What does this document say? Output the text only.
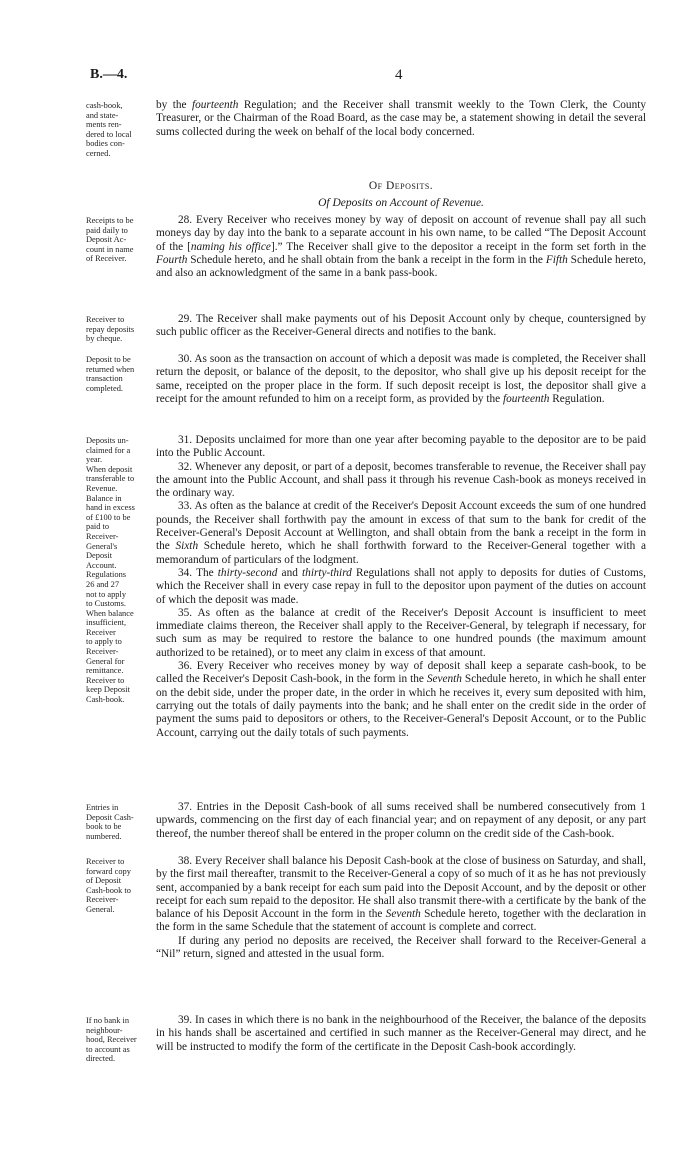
B.—4.	4
cash-book,
and state-
ments ren-
dered to local
bodies con-
cerned.

by the fourteenth Regulation; and the Receiver shall transmit weekly to the Town Clerk, the County Treasurer, or the Chairman of the Road Board, as the case may be, a statement showing in detail the several sums collected during the week on behalf of the local body concerned.

Of Deposits.
Of Deposits on Account of Revenue.
Receipts to be
paid daily to
Deposit Ac-
count in name
of Receiver.

28. Every Receiver who receives money by way of deposit on account of revenue shall pay all such moneys day by day into the bank to a separate account in his own name, to be called “The Deposit Account of the [naming his office].” The Receiver shall give to the depositor a receipt in the form set forth in the Fourth Schedule hereto, and he shall obtain from the bank a receipt in the form in the Fifth Schedule hereto, and also an acknowledgment of the same in a bank pass-book.

Receiver to
repay deposits
by cheque.

29. The Receiver shall make payments out of his Deposit Account only by cheque, countersigned by such public officer as the Receiver-General directs and notifies to the bank.

Deposit to be
returned when
transaction
completed.

30. As soon as the transaction on account of which a deposit was made is completed, the Receiver shall return the deposit, or balance of the deposit, to the depositor, who shall give up his deposit receipt for the same, receipted on the proper place in the form. If such deposit receipt is lost, the depositor shall give a receipt for the amount refunded to him on a receipt form, as provided by the fourteenth Regulation.

Deposits un-
claimed for a
year.
When deposit
transferable to
Revenue.
Balance in
hand in excess
of £100 to be
paid to
Receiver-
General's
Deposit
Account.
Regulations
26 and 27
not to apply
to Customs.
When balance
insufficient,
Receiver
to apply to
Receiver-
General for
remittance.
Receiver to
keep Deposit
Cash-book.

31. Deposits unclaimed for more than one year after becoming payable to the depositor are to be paid into the Public Account.

32. Whenever any deposit, or part of a deposit, becomes transferable to revenue, the Receiver shall pay the amount into the Public Account, and shall pass it through his revenue Cash-book as moneys received in the ordinary way.

33. As often as the balance at credit of the Receiver's Deposit Account exceeds the sum of one hundred pounds, the Receiver shall forthwith pay the amount in excess of that sum to the bank for credit of the Receiver-General's Deposit Account at Wellington, and shall obtain from the bank a receipt in the form in the Sixth Schedule hereto, which he shall forthwith forward to the Receiver-General together with a memorandum of particulars of the lodgment.

34. The thirty-second and thirty-third Regulations shall not apply to deposits for duties of Customs, which the Receiver shall in every case repay in full to the depositor upon payment of the duties on account of which the deposit was made.

35. As often as the balance at credit of the Receiver's Deposit Account is insufficient to meet immediate claims thereon, the Receiver shall apply to the Receiver-General, by telegraph if necessary, for such sum as may be required to restore the balance to one hundred pounds (the maximum amount authorized to be retained), or to meet any claim in excess of that amount.

36. Every Receiver who receives money by way of deposit shall keep a separate cash-book, to be called the Receiver's Deposit Cash-book, in the form in the Seventh Schedule hereto, in which he shall enter on the debit side, under the proper date, in the order in which he receives it, every sum deposited with him, carrying out the totals of daily payments into the bank; and he shall enter on the credit side in the order of payment the sums paid to depositors or others, to the Receiver-General's Deposit Account, or to the Public Account, carrying out the daily totals of such payments.

Entries in
Deposit Cash-
book to be
numbered.

37. Entries in the Deposit Cash-book of all sums received shall be numbered consecutively from 1 upwards, commencing on the first day of each financial year; and on repayment of any deposit, or any part thereof, the number thereof shall be entered in the proper column on the credit side of the Cash-book.

Receiver to
forward copy
of Deposit
Cash-book to
Receiver-
General.

38. Every Receiver shall balance his Deposit Cash-book at the close of business on Saturday, and shall, by the first mail thereafter, transmit to the Receiver-General a copy of so much of it as he has not previously sent, accompanied by a bank receipt for each sum paid into the Deposit Account, and by the deposit or other receipt for each sum repaid to the depositor. He shall also transmit there-with a certificate by the bank of the balance of his Deposit Account in the form in the Seventh Schedule hereto, together with the declaration in the form in the same Schedule that the statement of account is complete and correct.

If during any period no deposits are received, the Receiver shall forward to the Receiver-General a “Nil” return, signed and attested in the usual form.

If no bank in
neighbour-
hood, Receiver
to account as
directed.

39. In cases in which there is no bank in the neighbourhood of the Receiver, the balance of the deposits in his hands shall be ascertained and certified in such manner as the Receiver-General may direct, and he will be instructed to modify the form of the certificate in the Deposit Cash-book accordingly.
